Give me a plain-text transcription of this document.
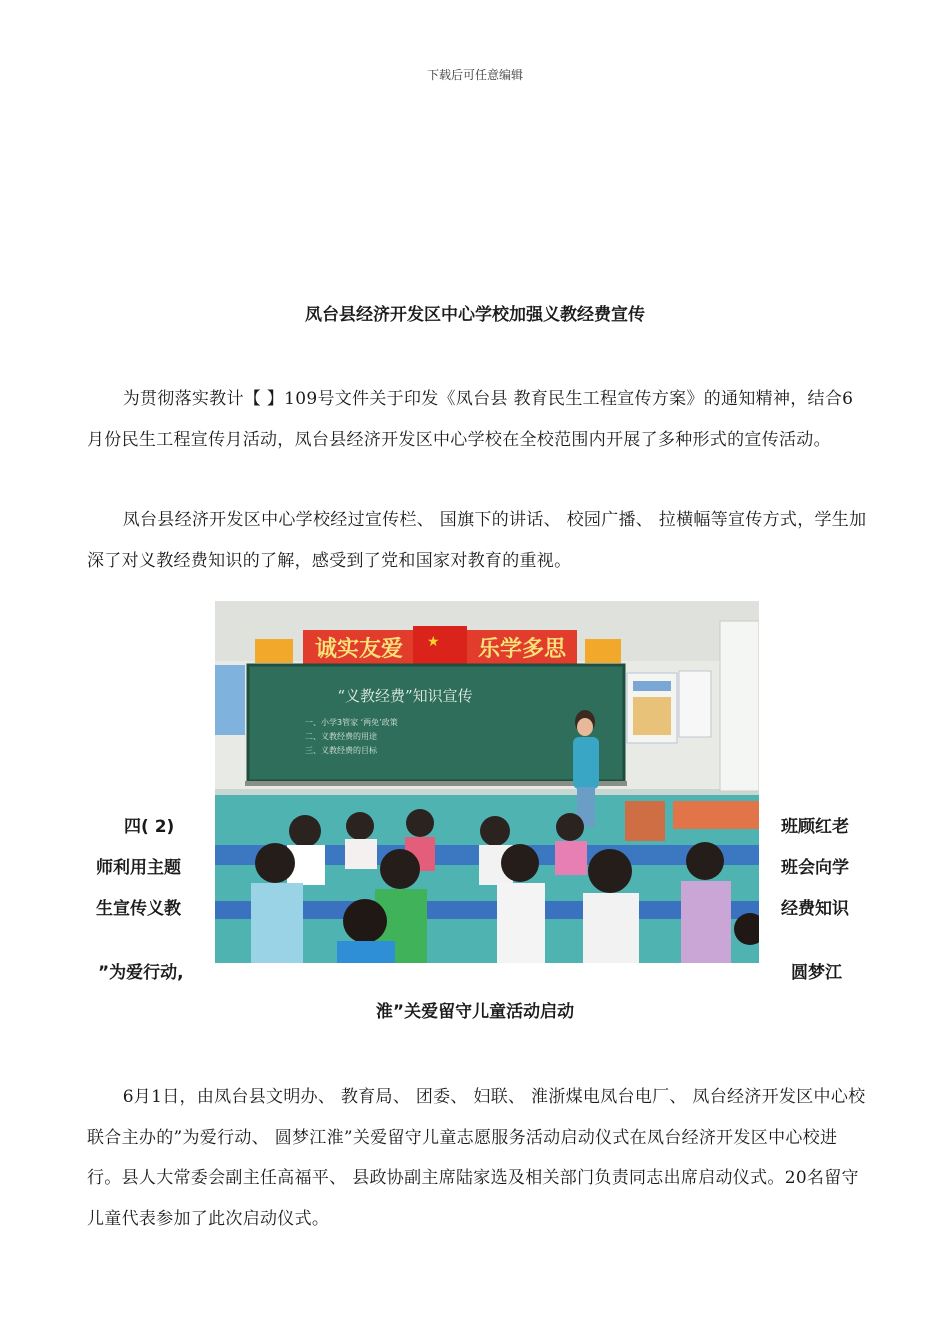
下载后可任意编辑
凤台县经济开发区中心学校加强义教经费宣传

为贯彻落实教计【 】109号文件关于印发《凤台县 教育民生工程宣传方案》的通知精神，结合6月份民生工程宣传月活动，凤台县经济开发区中心学校在全校范围内开展了多种形式的宣传活动。

凤台县经济开发区中心学校经过宣传栏、 国旗下的讲话、 校园广播、 拉横幅等宣传方式，学生加深了对义教经费知识的了解，感受到了党和国家对教育的重视。

四( 2)
师利用主题
生宣传义教
”为爱行动,
班顾红老
班会向学
经费知识
圆梦江
诚实友爱 ★ 乐学多思
“义教经费”知识宣传
一、小学3管家 ‘两免’政策
二、义教经费的用途
三、义教经费的目标
淮”关爱留守儿童活动启动

6月1日，由凤台县文明办、 教育局、 团委、 妇联、 淮浙煤电凤台电厂、 凤台经济开发区中心校联合主办的”为爱行动、 圆梦江淮”关爱留守儿童志愿服务活动启动仪式在凤台经济开发区中心校进行。县人大常委会副主任高福平、 县政协副主席陆家选及相关部门负责同志出席启动仪式。20名留守儿童代表参加了此次启动仪式。
